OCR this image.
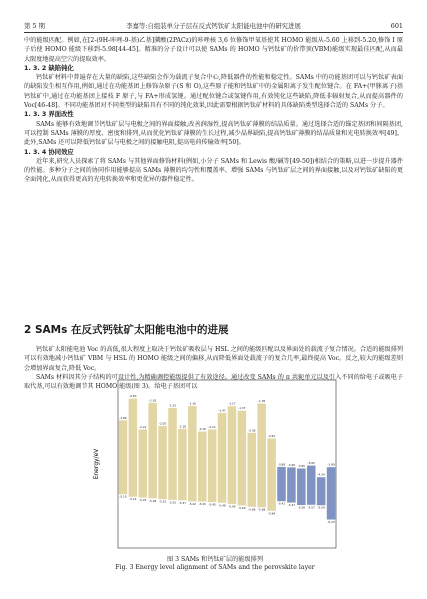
第 5 期	李嘉等:自组装单分子层在反式钙钛矿太阳能电池中的研究进展	601

中的能级匹配。例如,在[2-(9H-咔唑-9-基)乙基]膦酸(2PACz)的咔唑核 3,6 位修饰甲氧基使其 HOMO 能级从-5.60 上移到-5.20,修饰 I 原子后使 HOMO 能级下移到-5.98[44-45]。精准的分子设计可以使 SAMs 的 HOMO 与钙钛矿的价带顶(VBM)能级实现最佳匹配,从而最大限度地提高空穴的提取效率。

1. 3. 2 缺陷钝化

钙钛矿材料中普遍存在大量的缺陷,这些缺陷会作为载流子复合中心,降低器件的性能和稳定性。SAMs 中的功能基团可以与钙钛矿表面的缺陷发生相互作用,例如,通过在功能基团上修饰杂原子(S 和 O),这些原子能和钙钛矿中的金属阳离子发生配位键合。在 FA+(甲脒离子)基钙钛矿中,通过在功能基团上接枝 F 原子,与 FA+形成氢键。通过配位键合或氢键作用,有效钝化这些缺陷,降低非辐射复合,从而提高器件的 Voc[46-48]。不同功能基团对不同类型的缺陷具有不同的钝化效果,因此需要根据钙钛矿材料的具体缺陷类型选择合适的 SAMs 分子。

1. 3. 3 界面改性

SAMs 能够有效地调节钙钛矿层与电极之间的界面接触,改善润湿性,提高钙钛矿薄膜的结晶质量。通过选择合适的锚定基团和间隔基团,可以控制 SAMs 薄膜的厚度、密度和排列,从而优化钙钛矿薄膜的生长过程,减少晶界缺陷,提高钙钛矿薄膜的结晶质量和光电转换效率[49]。此外,SAMs 还可以降低钙钛矿层与电极之间的接触电阻,提高电荷传输效率[50]。

1. 3. 4 协同效应

近年来,研究人员探索了将 SAMs 与其他界面修饰材料(例如,小分子 SAMs 和 Lewis 酸/碱等[49-50])相结合的策略,以进一步提升器件的性能。多种分子之间的协同作用能够提高 SAMs 薄膜的均匀性和覆盖率、增强 SAMs 与钙钛矿层之间的界面接触,以及对钙钛矿缺陷的更全面钝化,从而获得更高的光电转换效率和更优异的器件稳定性。

2 SAMs 在反式钙钛矿太阳能电池中的进展

钙钛矿太阳能电池 Voc 的高低,很大程度上取决于钙钛矿吸收层与 HSL 之间的能级匹配以及界面处的载流子复合情况。合适的能级排列可以有效地减小钙钛矿 VBM 与 HSL 的 HOMO 能级之间的偏移,从而降低界面处载流子的复合几率,最终提高 Voc。反之,较大的能级差则会增加界面复合,降低 Voc。

SAMs 材料因其分子结构的可设计性,为精确调控能级提供了有效途径。通过改变 SAMs 的 π 共轭单元以及引入不同的给电子或吸电子取代基,可以有效地调节其 HOMO 能级(图 3)。给电子基团可以

Energy/eV
-1.80
-5.10
-0.83
-5.21
-2.21
-5.25
-1.02
-5.28
-2.05
-5.32
-1.25
-5.35
-2.18
-5.37
-1.16
-5.42
-2.30
-5.43
-2.21
-5.45
-1.47
-5.48
-1.17
-5.54
-1.37
-5.60
-2.36
-5.66
-1.05
-5.68
-2.61
-5.84
-3.88
-5.41
MAPbI3
-3.90
-5.47
FAPbI3
-3.95
-5.58
CsPbI3
-3.82
-5.57
MAPbBr3
-4.34
-5.59
FAPbBr3
-3.89
-6.23
CsPbBr3
图 3 SAMs 和钙钛矿层的能级排列
Fig. 3 Energy level alignment of SAMs and the perovskite layer
